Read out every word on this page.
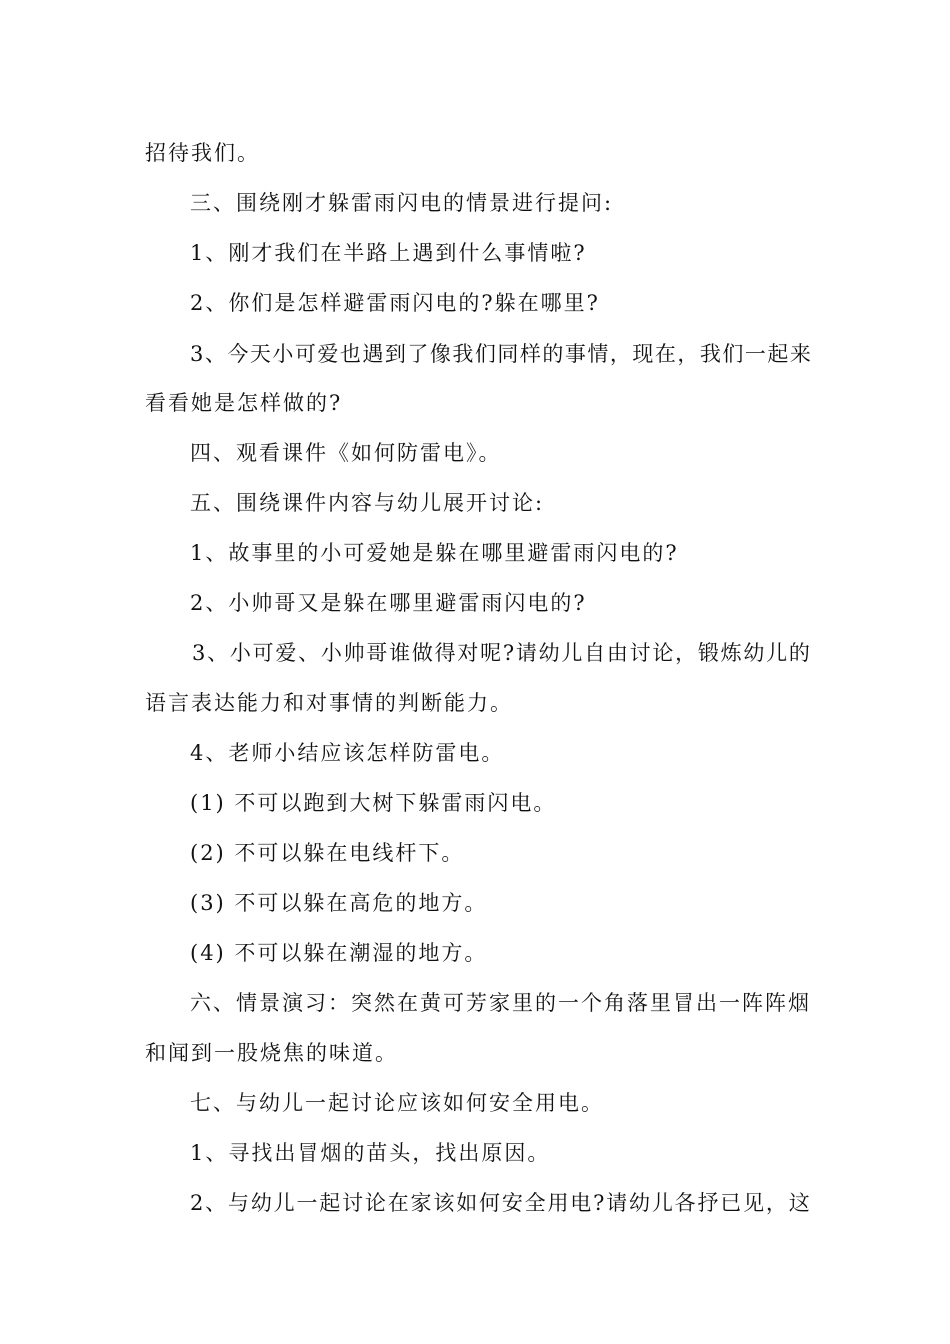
招待我们。
三、围绕刚才躲雷雨闪电的情景进行提问:
1、刚才我们在半路上遇到什么事情啦?
2、你们是怎样避雷雨闪电的?躲在哪里?
3、今天小可爱也遇到了像我们同样的事情，现在，我们一起来
看看她是怎样做的?
四、观看课件《如何防雷电》。
五、围绕课件内容与幼儿展开讨论:
1、故事里的小可爱她是躲在哪里避雷雨闪电的?
2、小帅哥又是躲在哪里避雷雨闪电的?
3、小可爱、小帅哥谁做得对呢?请幼儿自由讨论，锻炼幼儿的
语言表达能力和对事情的判断能力。
4、老师小结应该怎样防雷电。
(1) 不可以跑到大树下躲雷雨闪电。
(2) 不可以躲在电线杆下。
(3) 不可以躲在高危的地方。
(4) 不可以躲在潮湿的地方。
六、情景演习：突然在黄可芳家里的一个角落里冒出一阵阵烟
和闻到一股烧焦的味道。
七、与幼儿一起讨论应该如何安全用电。
1、寻找出冒烟的苗头，找出原因。
2、与幼儿一起讨论在家该如何安全用电?请幼儿各抒已见，这
